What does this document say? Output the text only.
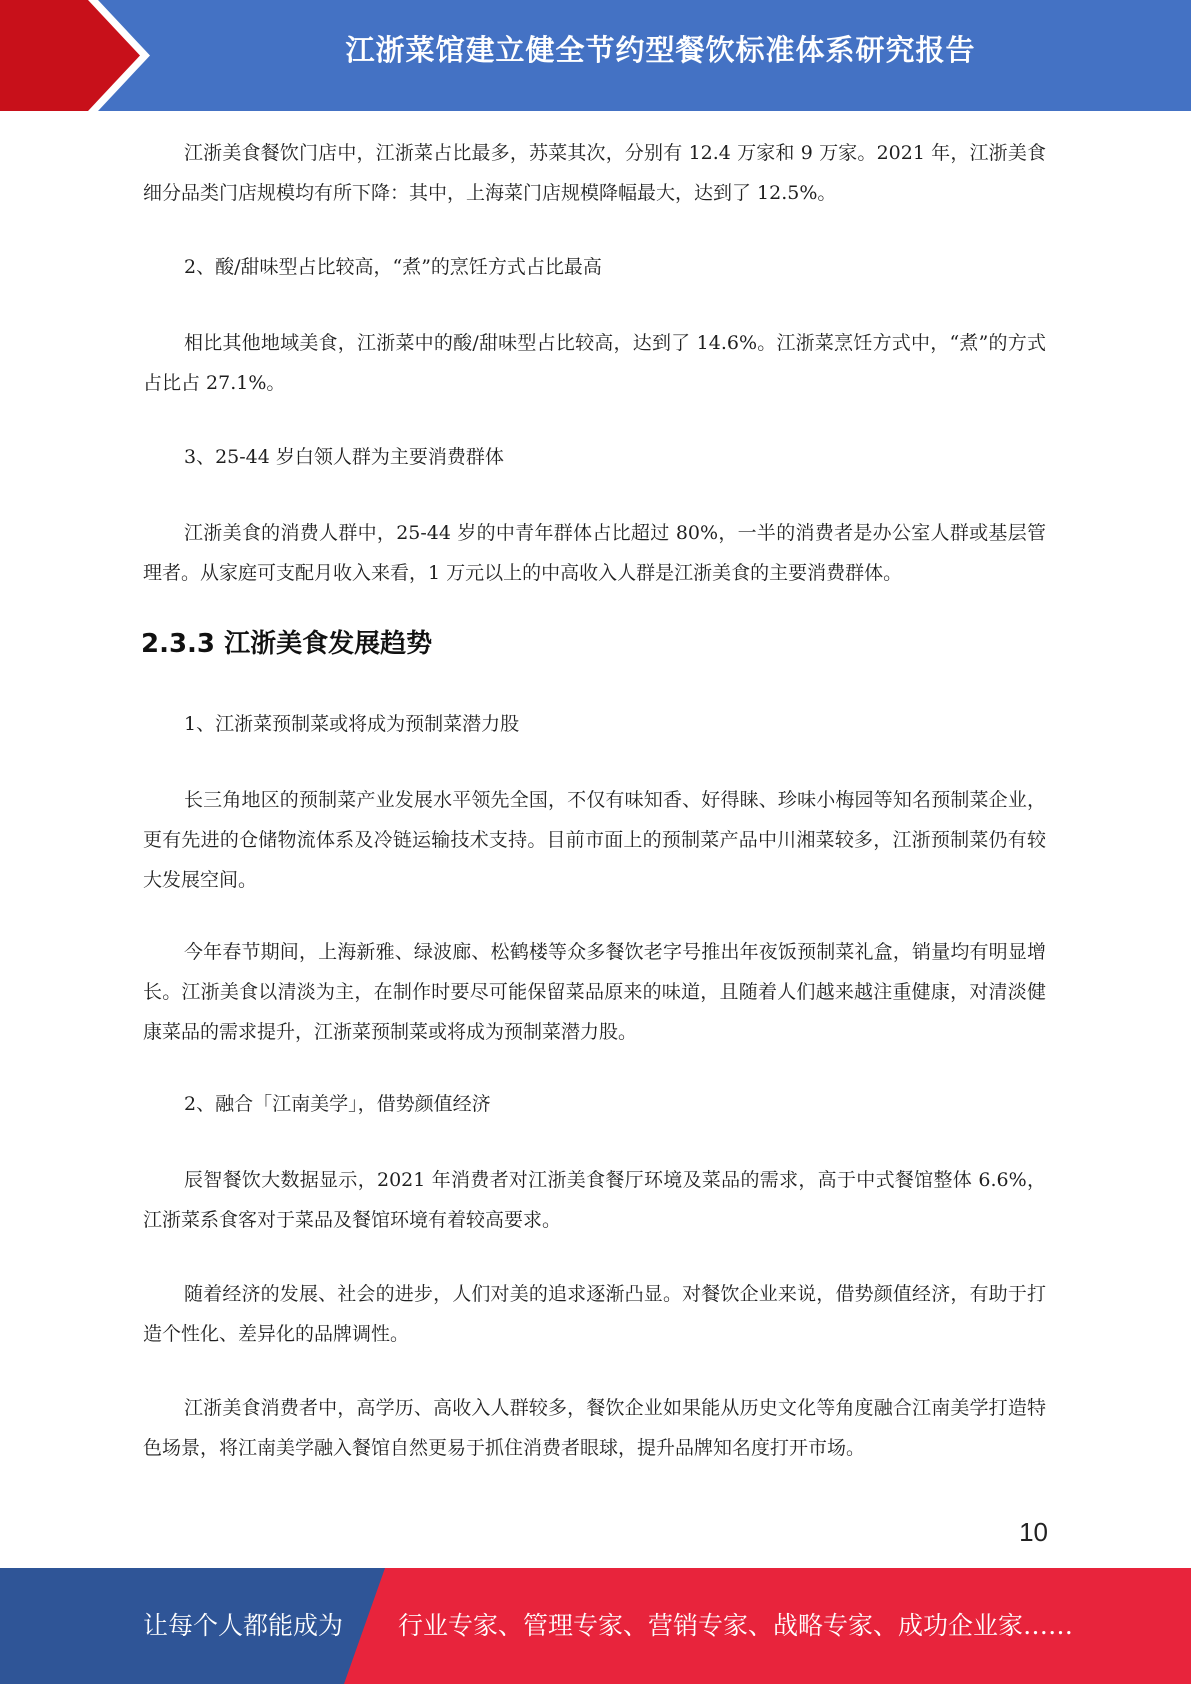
江浙菜馆建立健全节约型餐饮标准体系研究报告

江浙美食餐饮门店中，江浙菜占比最多，苏菜其次，分别有 12.4 万家和 9 万家。2021 年，江浙美食细分品类门店规模均有所下降：其中，上海菜门店规模降幅最大，达到了 12.5%。

2、酸/甜味型占比较高，“煮”的烹饪方式占比最高

相比其他地域美食，江浙菜中的酸/甜味型占比较高，达到了 14.6%。江浙菜烹饪方式中，“煮”的方式占比占 27.1%。

3、25-44 岁白领人群为主要消费群体

江浙美食的消费人群中，25-44 岁的中青年群体占比超过 80%，一半的消费者是办公室人群或基层管理者。从家庭可支配月收入来看，1 万元以上的中高收入人群是江浙美食的主要消费群体。

2.3.3 江浙美食发展趋势

1、江浙菜预制菜或将成为预制菜潜力股

长三角地区的预制菜产业发展水平领先全国，不仅有味知香、好得睐、珍味小梅园等知名预制菜企业，更有先进的仓储物流体系及冷链运输技术支持。目前市面上的预制菜产品中川湘菜较多，江浙预制菜仍有较大发展空间。

今年春节期间，上海新雅、绿波廊、松鹤楼等众多餐饮老字号推出年夜饭预制菜礼盒，销量均有明显增长。江浙美食以清淡为主，在制作时要尽可能保留菜品原来的味道，且随着人们越来越注重健康，对清淡健康菜品的需求提升，江浙菜预制菜或将成为预制菜潜力股。

2、融合「江南美学」，借势颜值经济

辰智餐饮大数据显示，2021 年消费者对江浙美食餐厅环境及菜品的需求，高于中式餐馆整体 6.6%，江浙菜系食客对于菜品及餐馆环境有着较高要求。

随着经济的发展、社会的进步，人们对美的追求逐渐凸显。对餐饮企业来说，借势颜值经济，有助于打造个性化、差异化的品牌调性。

江浙美食消费者中，高学历、高收入人群较多，餐饮企业如果能从历史文化等角度融合江南美学打造特色场景，将江南美学融入餐馆自然更易于抓住消费者眼球，提升品牌知名度打开市场。

10
让每个人都能成为 行业专家、管理专家、营销专家、战略专家、成功企业家……
